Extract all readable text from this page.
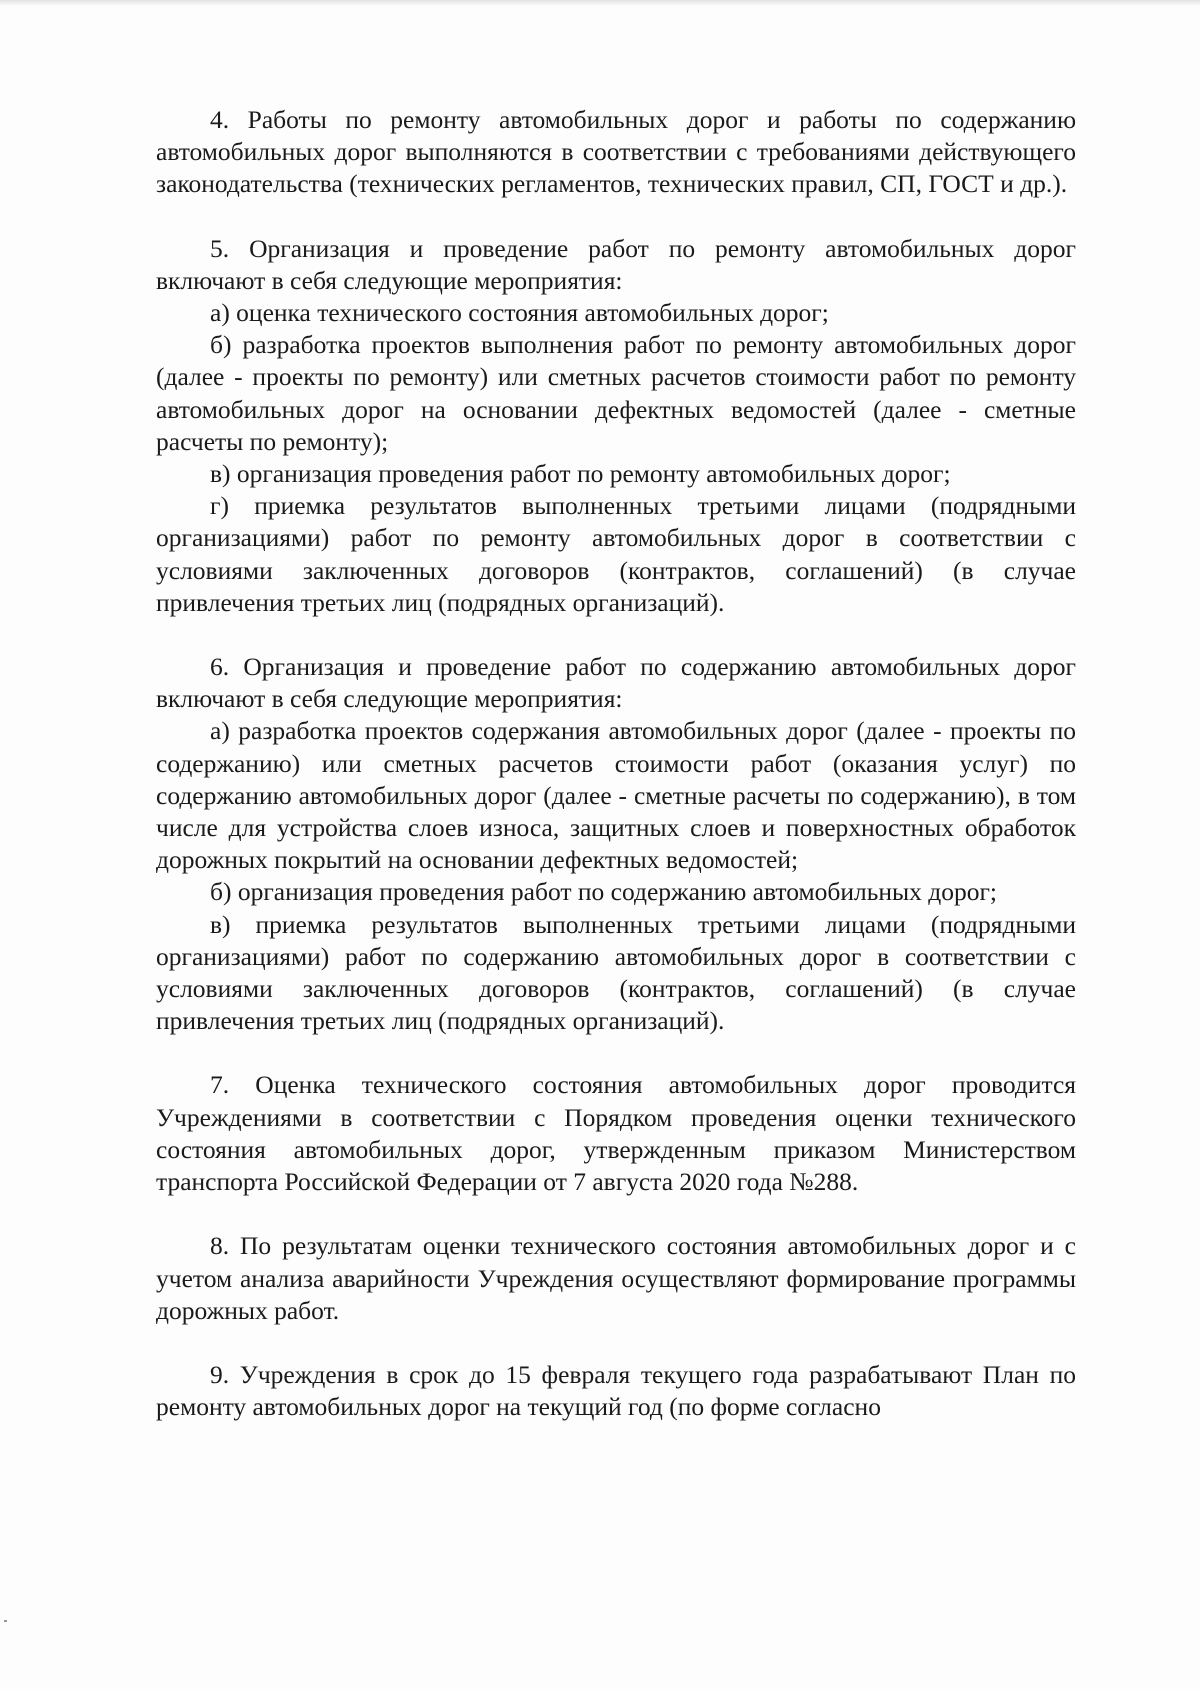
4. Работы по ремонту автомобильных дорог и работы по содержанию автомобильных дорог выполняются в соответствии с требованиями действующего законодательства (технических регламентов, технических правил, СП, ГОСТ и др.).

5. Организация и проведение работ по ремонту автомобильных дорог включают в себя следующие мероприятия:

а) оценка технического состояния автомобильных дорог;

б) разработка проектов выполнения работ по ремонту автомобильных дорог (далее - проекты по ремонту) или сметных расчетов стоимости работ по ремонту автомобильных дорог на основании дефектных ведомостей (далее - сметные расчеты по ремонту);

в) организация проведения работ по ремонту автомобильных дорог;

г) приемка результатов выполненных третьими лицами (подрядными организациями) работ по ремонту автомобильных дорог в соответствии с условиями заключенных договоров (контрактов, соглашений) (в случае привлечения третьих лиц (подрядных организаций).

6. Организация и проведение работ по содержанию автомобильных дорог включают в себя следующие мероприятия:

а) разработка проектов содержания автомобильных дорог (далее - проекты по содержанию) или сметных расчетов стоимости работ (оказания услуг) по содержанию автомобильных дорог (далее - сметные расчеты по содержанию), в том числе для устройства слоев износа, защитных слоев и поверхностных обработок дорожных покрытий на основании дефектных ведомостей;

б) организация проведения работ по содержанию автомобильных дорог;

в) приемка результатов выполненных третьими лицами (подрядными организациями) работ по содержанию автомобильных дорог в соответствии с условиями заключенных договоров (контрактов, соглашений) (в случае привлечения третьих лиц (подрядных организаций).

7. Оценка технического состояния автомобильных дорог проводится Учреждениями в соответствии с Порядком проведения оценки технического состояния автомобильных дорог, утвержденным приказом Министерством транспорта Российской Федерации от 7 августа 2020 года №288.

8. По результатам оценки технического состояния автомобильных дорог и с учетом анализа аварийности Учреждения осуществляют формирование программы дорожных работ.

9. Учреждения в срок до 15 февраля текущего года разрабатывают План по ремонту автомобильных дорог на текущий год (по форме согласно
